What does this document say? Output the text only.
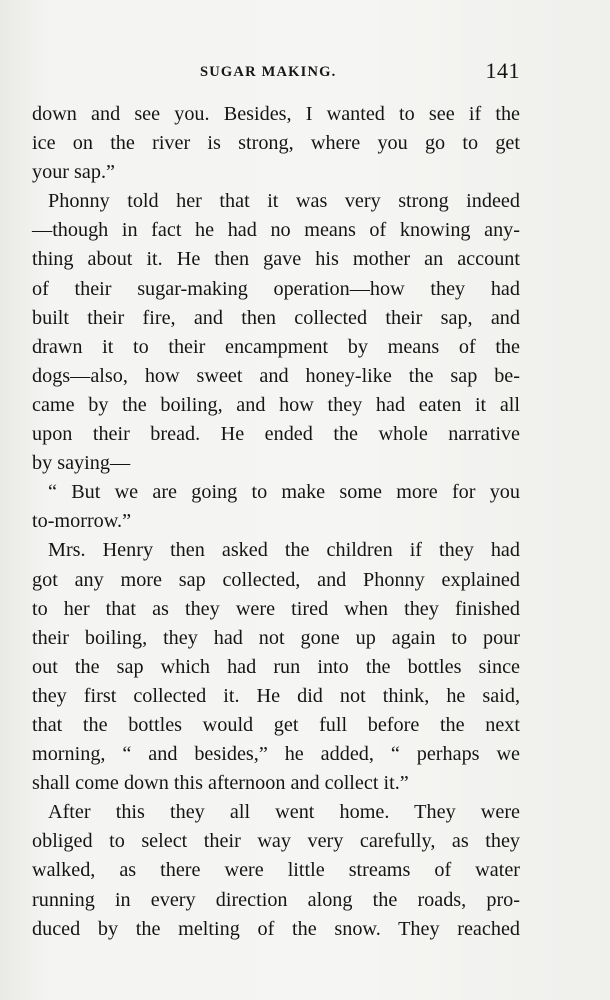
SUGAR MAKING.	141
down and see you. Besides, I wanted to see if the
ice on the river is strong, where you go to get
your sap.”
Phonny told her that it was very strong indeed
—though in fact he had no means of knowing any-
thing about it. He then gave his mother an account
of their sugar-making operation—how they had
built their fire, and then collected their sap, and
drawn it to their encampment by means of the
dogs—also, how sweet and honey-like the sap be-
came by the boiling, and how they had eaten it all
upon their bread. He ended the whole narrative
by saying—
“ But we are going to make some more for you
to-morrow.”
Mrs. Henry then asked the children if they had
got any more sap collected, and Phonny explained
to her that as they were tired when they finished
their boiling, they had not gone up again to pour
out the sap which had run into the bottles since
they first collected it. He did not think, he said,
that the bottles would get full before the next
morning, “ and besides,” he added, “ perhaps we
shall come down this afternoon and collect it.”
After this they all went home. They were
obliged to select their way very carefully, as they
walked, as there were little streams of water
running in every direction along the roads, pro-
duced by the melting of the snow. They reached
